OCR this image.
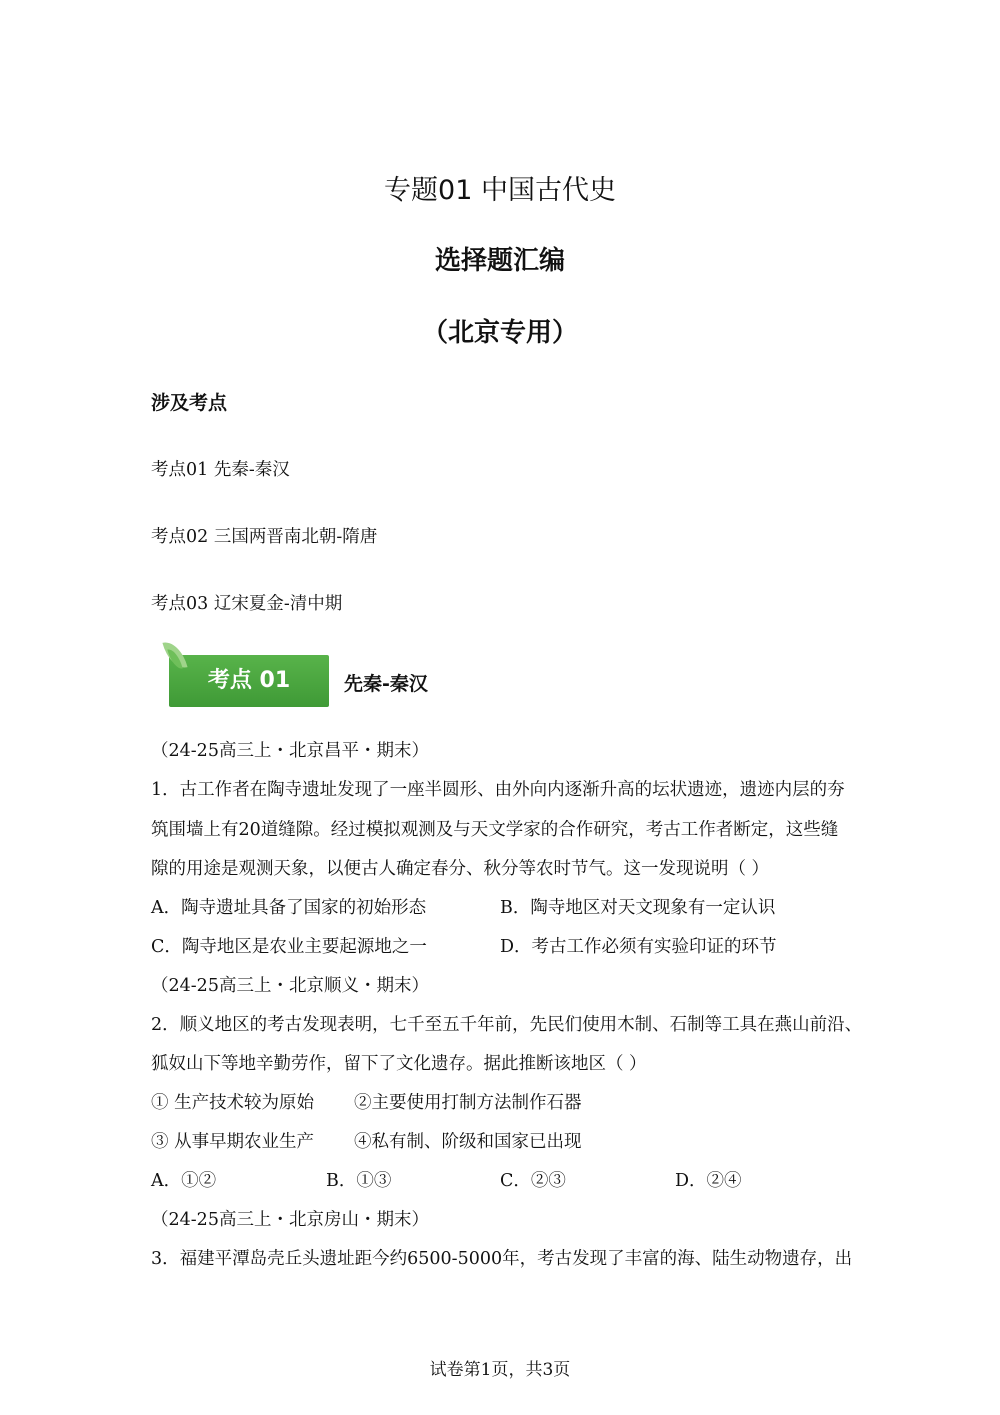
专题01 中国古代史
选择题汇编
（北京专用）
涉及考点
考点01 先秦-秦汉
考点02 三国两晋南北朝-隋唐
考点03 辽宋夏金-清中期
考点 01	先秦-秦汉
（24-25高三上・北京昌平・期末）
1．古工作者在陶寺遗址发现了一座半圆形、由外向内逐渐升高的坛状遗迹，遗迹内层的夯
筑围墙上有20道缝隙。经过模拟观测及与天文学家的合作研究，考古工作者断定，这些缝
隙的用途是观测天象，以便古人确定春分、秋分等农时节气。这一发现说明（ ）
A．陶寺遗址具备了国家的初始形态	B．陶寺地区对天文现象有一定认识
C．陶寺地区是农业主要起源地之一	D．考古工作必须有实验印证的环节
（24-25高三上・北京顺义・期末）
2．顺义地区的考古发现表明，七千至五千年前，先民们使用木制、石制等工具在燕山前沿、
狐奴山下等地辛勤劳作，留下了文化遗存。据此推断该地区（ ）
① 生产技术较为原始 ②主要使用打制方法制作石器
③ 从事早期农业生产 ④私有制、阶级和国家已出现
A．①②	B．①③	C．②③	D．②④
（24-25高三上・北京房山・期末）
3．福建平潭岛壳丘头遗址距今约6500-5000年，考古发现了丰富的海、陆生动物遗存，出
试卷第1页，共3页
